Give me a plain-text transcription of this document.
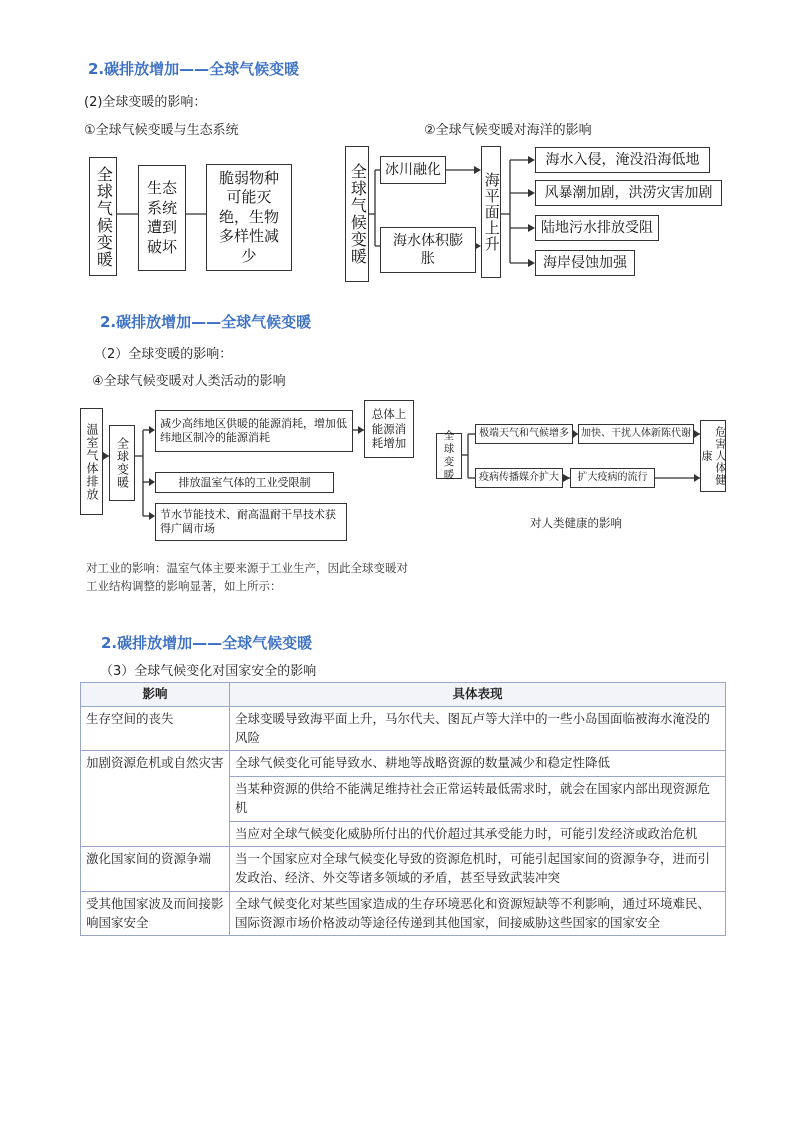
2.碳排放增加——全球气候变暖
(2)全球变暖的影响：
①全球气候变暖与生态系统	②全球气候变暖对海洋的影响
全球气候变暖	生态系统遭到破坏
脆弱物种可能灭绝，生物多样性减少	全球气候变暖	冰川融化
海水体积膨胀
海平面上升
海水入侵，淹没沿海低地
风暴潮加剧，洪涝灾害加剧
陆地污水排放受阻
海岸侵蚀加强
2.碳排放增加——全球气候变暖
（2）全球变暖的影响：
④全球气候变暖对人类活动的影响
温室气体排放	全球变暖
减少高纬地区供暖的能源消耗，增加低纬地区制冷的能源消耗
总体上能源消耗增加
排放温室气体的工业受限制
节水节能技术、耐高温耐干旱技术获得广阔市场
对工业的影响：温室气体主要来源于工业生产，因此全球变暖对工业结构调整的影响显著，如上所示：
全球变暖
极端天气和气候增多	加快、干扰人体新陈代谢
疫病传播媒介扩大	扩大疫病的流行	危害人体健康
对人类健康的影响
2.碳排放增加——全球气候变暖
（3）全球气候变化对国家安全的影响
影响	具体表现
生存空间的丧失	全球变暖导致海平面上升，马尔代夫、图瓦卢等大洋中的一些小岛国面临被海水淹没的风险
加剧资源危机或自然灾害	全球气候变化可能导致水、耕地等战略资源的数量减少和稳定性降低
	当某种资源的供给不能满足维持社会正常运转最低需求时，就会在国家内部出现资源危机
	当应对全球气候变化威胁所付出的代价超过其承受能力时，可能引发经济或政治危机
激化国家间的资源争端	当一个国家应对全球气候变化导致的资源危机时，可能引起国家间的资源争夺，进而引发政治、经济、外交等诸多领域的矛盾，甚至导致武装冲突
受其他国家波及而间接影响国家安全	全球气候变化对某些国家造成的生存环境恶化和资源短缺等不利影响，通过环境难民、国际资源市场价格波动等途径传递到其他国家，间接威胁这些国家的国家安全
